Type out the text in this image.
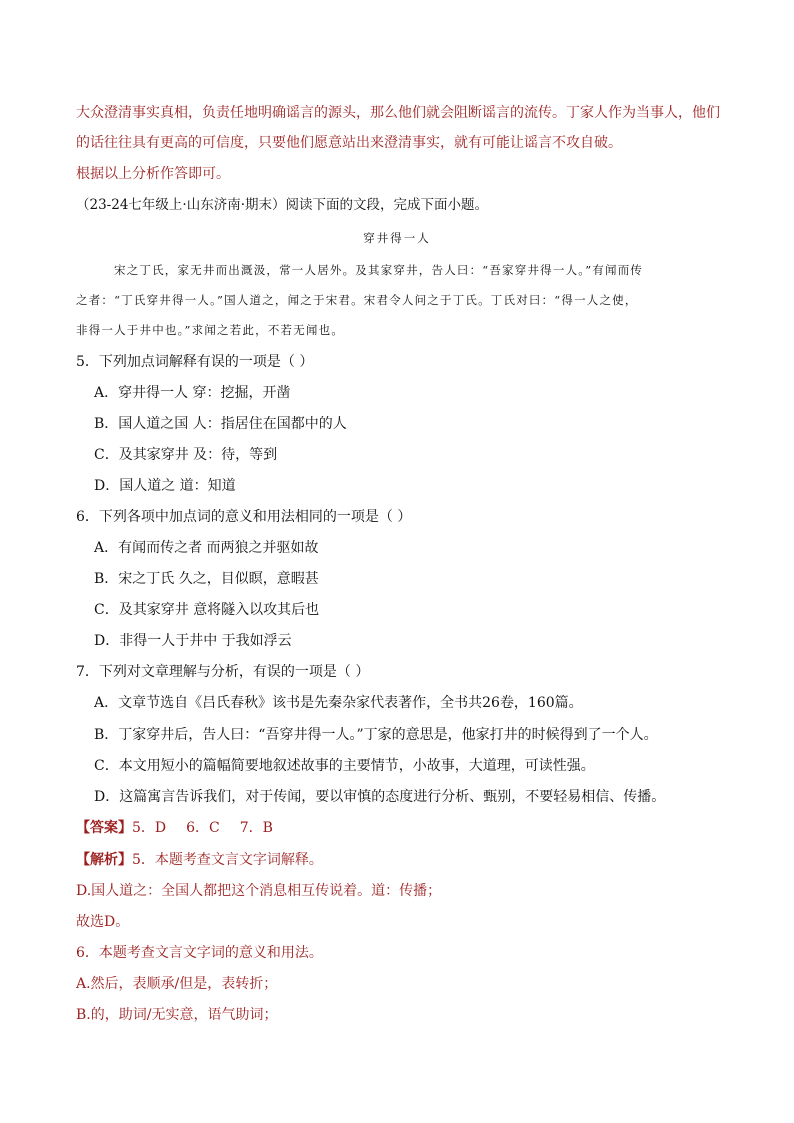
大众澄清事实真相，负责任地明确谣言的源头，那么他们就会阻断谣言的流传。丁家人作为当事人，他们
的话往往具有更高的可信度，只要他们愿意站出来澄清事实，就有可能让谣言不攻自破。
根据以上分析作答即可。
（23-24七年级上·山东济南·期末）阅读下面的文段，完成下面小题。
穿井得一人
宋之丁氏，家无井而出溉汲，常一人居外。及其家穿井，告人曰：“吾家穿井得一人。”有闻而传
之者：“丁氏穿井得一人。”国人道之，闻之于宋君。宋君令人问之于丁氏。丁氏对曰：“得一人之使，
非得一人于井中也。”求闻之若此，不若无闻也。
5．下列加点词解释有误的一项是（ ）
A．穿井得一人 穿：挖掘，开凿
B．国人道之国 人：指居住在国都中的人
C．及其家穿井 及：待，等到
D．国人道之 道：知道
6．下列各项中加点词的意义和用法相同的一项是（ ）
A．有闻而传之者 而两狼之并驱如故
B．宋之丁氏 久之，目似瞑，意暇甚
C．及其家穿井 意将隧入以攻其后也
D．非得一人于井中 于我如浮云
7．下列对文章理解与分析，有误的一项是（ ）
A．文章节选自《吕氏春秋》该书是先秦杂家代表著作，全书共26卷，160篇。
B．丁家穿井后，告人曰：“吾穿井得一人。”丁家的意思是，他家打井的时候得到了一个人。
C．本文用短小的篇幅简要地叙述故事的主要情节，小故事，大道理，可读性强。
D．这篇寓言告诉我们，对于传闻，要以审慎的态度进行分析、甄别，不要轻易相信、传播。
【答案】5．D 6．C 7．B
【解析】5．本题考查文言文字词解释。
D.国人道之：全国人都把这个消息相互传说着。道：传播；
故选D。
6．本题考查文言文字词的意义和用法。
A.然后，表顺承/但是，表转折；
B.的，助词/无实意，语气助词；
